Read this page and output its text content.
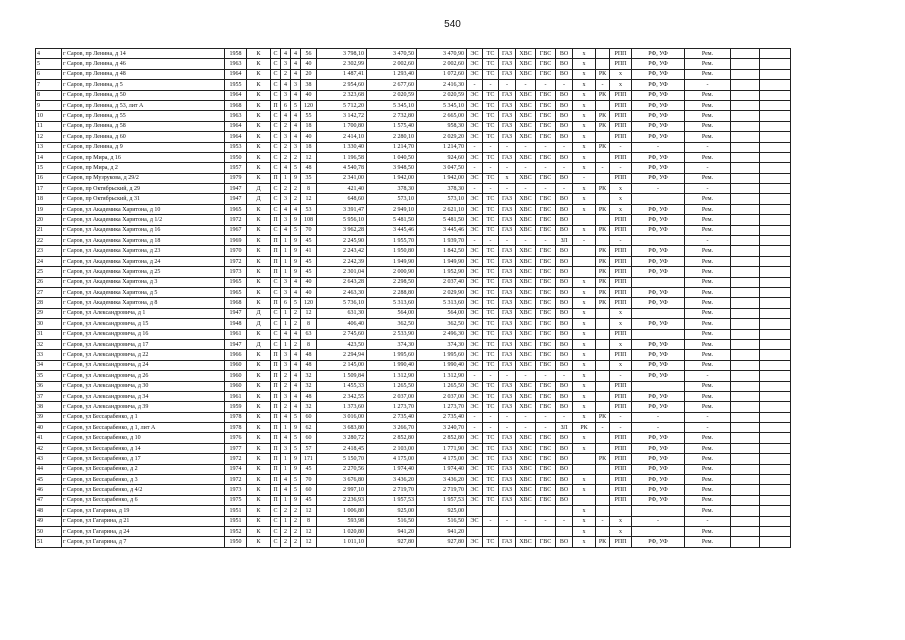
540
4	г Саров, пр Ленина, д 14	1958	К	С	4	4	56	3 798,10	3 470,50	3 470,90	ЭС	ТС	ГАЗ	ХВС	ГВС	ВО	х		РПП	РФ, УФ	Рем.		
5	г Саров, пр Ленина, д 46	1963	К	С	3	4	40	2 302,99	2 002,60	2 002,60	ЭС	ТС	ГАЗ	ХВС	ГВС	ВО	х		РПП	РФ, УФ	Рем.		
6	г Саров, пр Ленина, д 48	1964	К	С	2	4	20	1 487,41	1 293,40	1 072,60	ЭС	ТС	ГАЗ	ХВС	ГВС	ВО	х	РК	х	РФ, УФ	Рем.		
7	г Саров, пр Ленина, д 5	1955	К	С	4	3	38	2 954,60	2 677,60	2 416,30	-	-	-	-	-	-	х	-	х	РФ, УФ	-		
8	г Саров, пр Ленина, д 50	1964	К	С	3	4	40	2 323,68	2 020,59	2 020,59	ЭС	ТС	ГАЗ	ХВС	ГВС	ВО	х	РК	РПП	РФ, УФ	Рем.		
9	г Саров, пр Ленина, д 53, лит А	1968	К	П	6	5	120	5 712,20	5 345,10	5 345,10	ЭС	ТС	ГАЗ	ХВС	ГВС	ВО	х		РПП	РФ, УФ	Рем.		
10	г Саров, пр Ленина, д 55	1963	К	С	4	4	55	3 142,72	2 732,80	2 665,00	ЭС	ТС	ГАЗ	ХВС	ГВС	ВО	х	РК	РПП	РФ, УФ	Рем.		
11	г Саров, пр Ленина, д 58	1964	К	С	2	4	18	1 700,80	1 575,40	958,30	ЭС	ТС	ГАЗ	ХВС	ГВС	ВО	х	РК	РПП	РФ, УФ	Рем.		
12	г Саров, пр Ленина, д 60	1964	К	С	3	4	40	2 414,10	2 280,10	2 029,20	ЭС	ТС	ГАЗ	ХВС	ГВС	ВО	х		РПП	РФ, УФ	Рем.		
13	г Саров, пр Ленина, д 9	1953	К	С	2	3	18	1 330,40	1 214,70	1 214,70	-	-	-	-	-	-	х	РК	-	-	-		
14	г Саров, пр Мира, д 16	1950	К	С	2	2	12	1 196,58	1 040,50	924,60	ЭС	ТС	ГАЗ	ХВС	ГВС	ВО	х		РПП	РФ, УФ	Рем.		
15	г Саров, пр Мира, д 2	1957	К	С	4	5	48	4 540,78	3 948,50	3 047,50	-	-	-	-	-	-	х	-	-	РФ, УФ	-		
16	г Саров, пр Музрукова, д 29/2	1979	К	П	1	9	35	2 341,00	1 942,00	1 942,00	ЭС	ТС	х	ХВС	ГВС	ВО	-		РПП	РФ, УФ	Рем.		
17	г Саров, пр Октябрьский, д 29	1947	Д	С	2	2	8	421,40	378,30	378,30	-	-	-	-	-	-	х	РК	х	-	-		
18	г Саров, пр Октябрьский, д 31	1947	Д	С	3	2	12	648,60	573,10	573,10	ЭС	ТС	ГАЗ	ХВС	ГВС	ВО	х		х		Рем.		
19	г Саров, ул Академика Харитона, д 10	1965	К	С	4	4	53	3 391,47	2 949,10	2 621,10	ЭС	ТС	ГАЗ	ХВС	ГВС	ВО	х	РК	х	РФ, УФ	Рем.		
20	г Саров, ул Академика Харитона, д 1/2	1972	К	П	3	9	108	5 956,10	5 481,50	5 481,50	ЭС	ТС	ГАЗ	ХВС	ГВС	ВО			РПП	РФ, УФ	Рем.		
21	г Саров, ул Академика Харитона, д 16	1967	К	С	4	5	70	3 962,28	3 445,46	3 445,46	ЭС	ТС	ГАЗ	ХВС	ГВС	ВО	х	РК	РПП	РФ, УФ	Рем.		
22	г Саров, ул Академика Харитона, д 18	1969	К	П	1	9	45	2 245,90	1 955,70	1 939,70	-	-	-	-	-	ЗЛ	-		-		-		
23	г Саров, ул Академика Харитона, д 23	1970	К	П	1	9	41	2 243,42	1 950,80	1 842,50	ЭС	ТС	ГАЗ	ХВС	ГВС	ВО		РК	РПП	РФ, УФ	Рем.		
24	г Саров, ул Академика Харитона, д 24	1972	К	П	1	9	45	2 242,39	1 949,90	1 949,90	ЭС	ТС	ГАЗ	ХВС	ГВС	ВО		РК	РПП	РФ, УФ	Рем.		
25	г Саров, ул Академика Харитона, д 25	1973	К	П	1	9	45	2 301,04	2 000,90	1 952,90	ЭС	ТС	ГАЗ	ХВС	ГВС	ВО		РК	РПП	РФ, УФ	Рем.		
26	г Саров, ул Академика Харитона, д 3	1965	К	С	3	4	40	2 643,28	2 298,50	2 037,40	ЭС	ТС	ГАЗ	ХВС	ГВС	ВО	х	РК	РПП		Рем.		
27	г Саров, ул Академика Харитона, д 5	1965	К	С	3	4	40	2 463,30	2 288,80	2 029,90	ЭС	ТС	ГАЗ	ХВС	ГВС	ВО	х	РК	РПП	РФ, УФ	Рем.		
28	г Саров, ул Академика Харитона, д 8	1968	К	П	6	5	120	5 736,10	5 313,60	5 313,60	ЭС	ТС	ГАЗ	ХВС	ГВС	ВО	х	РК	РПП	РФ, УФ	Рем.		
29	г Саров, ул Александровича, д 1	1947	Д	С	1	2	12	631,30	564,00	564,00	ЭС	ТС	ГАЗ	ХВС	ГВС	ВО	х		х		Рем.		
30	г Саров, ул Александровича, д 15	1948	Д	С	1	2	8	406,40	362,50	362,50	ЭС	ТС	ГАЗ	ХВС	ГВС	ВО	х		х	РФ, УФ	Рем.		
31	г Саров, ул Александровича, д 16	1961	К	С	4	4	63	2 745,60	2 533,90	2 496,30	ЭС	ТС	ГАЗ	ХВС	ГВС	ВО	х		РПП		Рем.		
32	г Саров, ул Александровича, д 17	1947	Д	С	1	2	8	423,50	374,30	374,30	ЭС	ТС	ГАЗ	ХВС	ГВС	ВО	х		х	РФ, УФ	Рем.		
33	г Саров, ул Александровича, д 22	1966	К	П	3	4	48	2 294,94	1 995,60	1 995,60	ЭС	ТС	ГАЗ	ХВС	ГВС	ВО	х		РПП	РФ, УФ	Рем.		
34	г Саров, ул Александровича, д 24	1960	К	П	3	4	48	2 145,00	1 990,40	1 990,40	ЭС	ТС	ГАЗ	ХВС	ГВС	ВО	х		х	РФ, УФ	Рем.		
35	г Саров, ул Александровича, д 26	1960	К	П	2	4	32	1 509,84	1 312,90	1 312,90	-	-	-	-	-	-	х		-	РФ, УФ	-		
36	г Саров, ул Александровича, д 30	1960	К	П	2	4	32	1 455,33	1 265,50	1 265,50	ЭС	ТС	ГАЗ	ХВС	ГВС	ВО	х		РПП		Рем.		
37	г Саров, ул Александровича, д 34	1961	К	П	3	4	48	2 342,55	2 037,00	2 037,00	ЭС	ТС	ГАЗ	ХВС	ГВС	ВО	х		РПП	РФ, УФ	Рем.		
38	г Саров, ул Александровича, д 39	1959	К	П	2	4	32	1 373,60	1 273,70	1 273,70	ЭС	ТС	ГАЗ	ХВС	ГВС	ВО	х		РПП	РФ, УФ	Рем.		
39	г Саров, ул Бессарабенко, д 1	1978	К	П	4	5	60	3 016,00	2 735,40	2 735,40	-	-	-	-	-	-	х	РК	-	-	-		
40	г Саров, ул Бессарабенко, д 1, лит А	1978	К	П	1	9	62	3 683,80	3 266,70	3 240,70	-	-	-	-	-	ЗЛ	РК	-	-	-	-		
41	г Саров, ул Бессарабенко, д 10	1976	К	П	4	5	60	3 280,72	2 852,80	2 852,80	ЭС	ТС	ГАЗ	ХВС	ГВС	ВО	х		РПП	РФ, УФ	Рем.		
42	г Саров, ул Бессарабенко, д 14	1977	К	П	3	5	57	2 418,45	2 103,00	1 771,90	ЭС	ТС	ГАЗ	ХВС	ГВС	ВО	х		РПП	РФ, УФ	Рем.		
43	г Саров, ул Бессарабенко, д 17	1972	К	П	1	9	171	5 150,70	4 175,00	4 175,00	ЭС	ТС	ГАЗ	ХВС	ГВС	ВО		РК	РПП	РФ, УФ	Рем.		
44	г Саров, ул Бессарабенко, д 2	1974	К	П	1	9	45	2 270,56	1 974,40	1 974,40	ЭС	ТС	ГАЗ	ХВС	ГВС	ВО			РПП	РФ, УФ	Рем.		
45	г Саров, ул Бессарабенко, д 3	1972	К	П	4	5	70	3 676,80	3 436,20	3 436,20	ЭС	ТС	ГАЗ	ХВС	ГВС	ВО	х		РПП	РФ, УФ	Рем.		
46	г Саров, ул Бессарабенко, д 4/2	1973	К	П	4	5	60	2 997,10	2 719,70	2 719,70	ЭС	ТС	ГАЗ	ХВС	ГВС	ВО	х		РПП	РФ, УФ	Рем.		
47	г Саров, ул Бессарабенко, д 6	1975	К	П	1	9	45	2 236,93	1 957,53	1 957,53	ЭС	ТС	ГАЗ	ХВС	ГВС	ВО			РПП	РФ, УФ	Рем.		
48	г Саров, ул Гагарина, д 19	1951	К	С	2	2	12	1 006,80	925,00	925,00							х				Рем.		
49	г Саров, ул Гагарина, д 21	1951	К	С	1	2	8	593,98	516,50	516,50	ЭС	-	-	-	-	-	х	-	х	-	-		
50	г Саров, ул Гагарина, д 24	1952	К	С	2	2	12	1 020,80	941,20	941,20							х		х		Рем.		
51	г Саров, ул Гагарина, д 7	1950	К	С	2	2	12	1 011,10	927,80	927,80	ЭС	ТС	ГАЗ	ХВС	ГВС	ВО	х	РК	РПП	РФ, УФ	Рем.		
